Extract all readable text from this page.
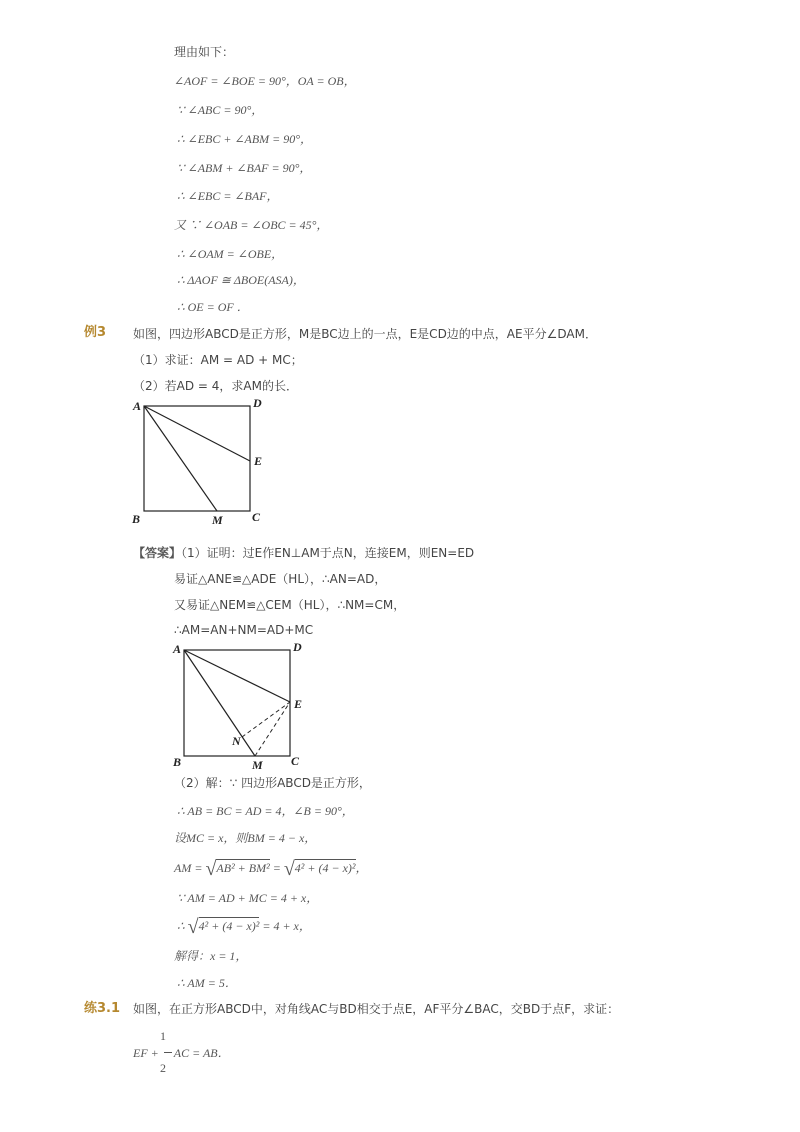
理由如下：
∠AOF = ∠BOE = 90°，OA = OB，
∵ ∠ABC = 90°，
∴ ∠EBC + ∠ABM = 90°，
∵ ∠ABM + ∠BAF = 90°，
∴ ∠EBC = ∠BAF，
又 ∵ ∠OAB = ∠OBC = 45°，
∴ ∠OAM = ∠OBE，
∴ ΔAOF ≅ ΔBOE(ASA)，
∴ OE = OF ．
例3 如图，四边形ABCD是正方形，M是BC边上的一点，E是CD边的中点，AE平分∠DAM．
（1）求证：AM = AD + MC；
（2）若AD = 4，求AM的长．
A	D
E
B	M C
【答案】（1）证明：过E作EN⊥AM于点N，连接EM，则EN=ED
易证△ANE≌△ADE（HL），∴AN=AD，
又易证△NEM≌△CEM（HL），∴NM=CM，
∴AM=AN+NM=AD+MC
A	D
E
N
B	M C
（2）解：∵ 四边形ABCD是正方形，
∴ AB = BC = AD = 4，∠B = 90°，
设MC = x，则BM = 4 − x，
AM = √AB² + BM² = √4² + (4 − x)²，
∵ AM = AD + MC = 4 + x，
∴ √4² + (4 − x)² = 4 + x，
解得：x = 1，
∴ AM = 5．
练3.1 如图，在正方形ABCD中，对角线AC与BD相交于点E，AF平分∠BAC，交BD于点F，求证：
1
EF + AC = AB．
2
